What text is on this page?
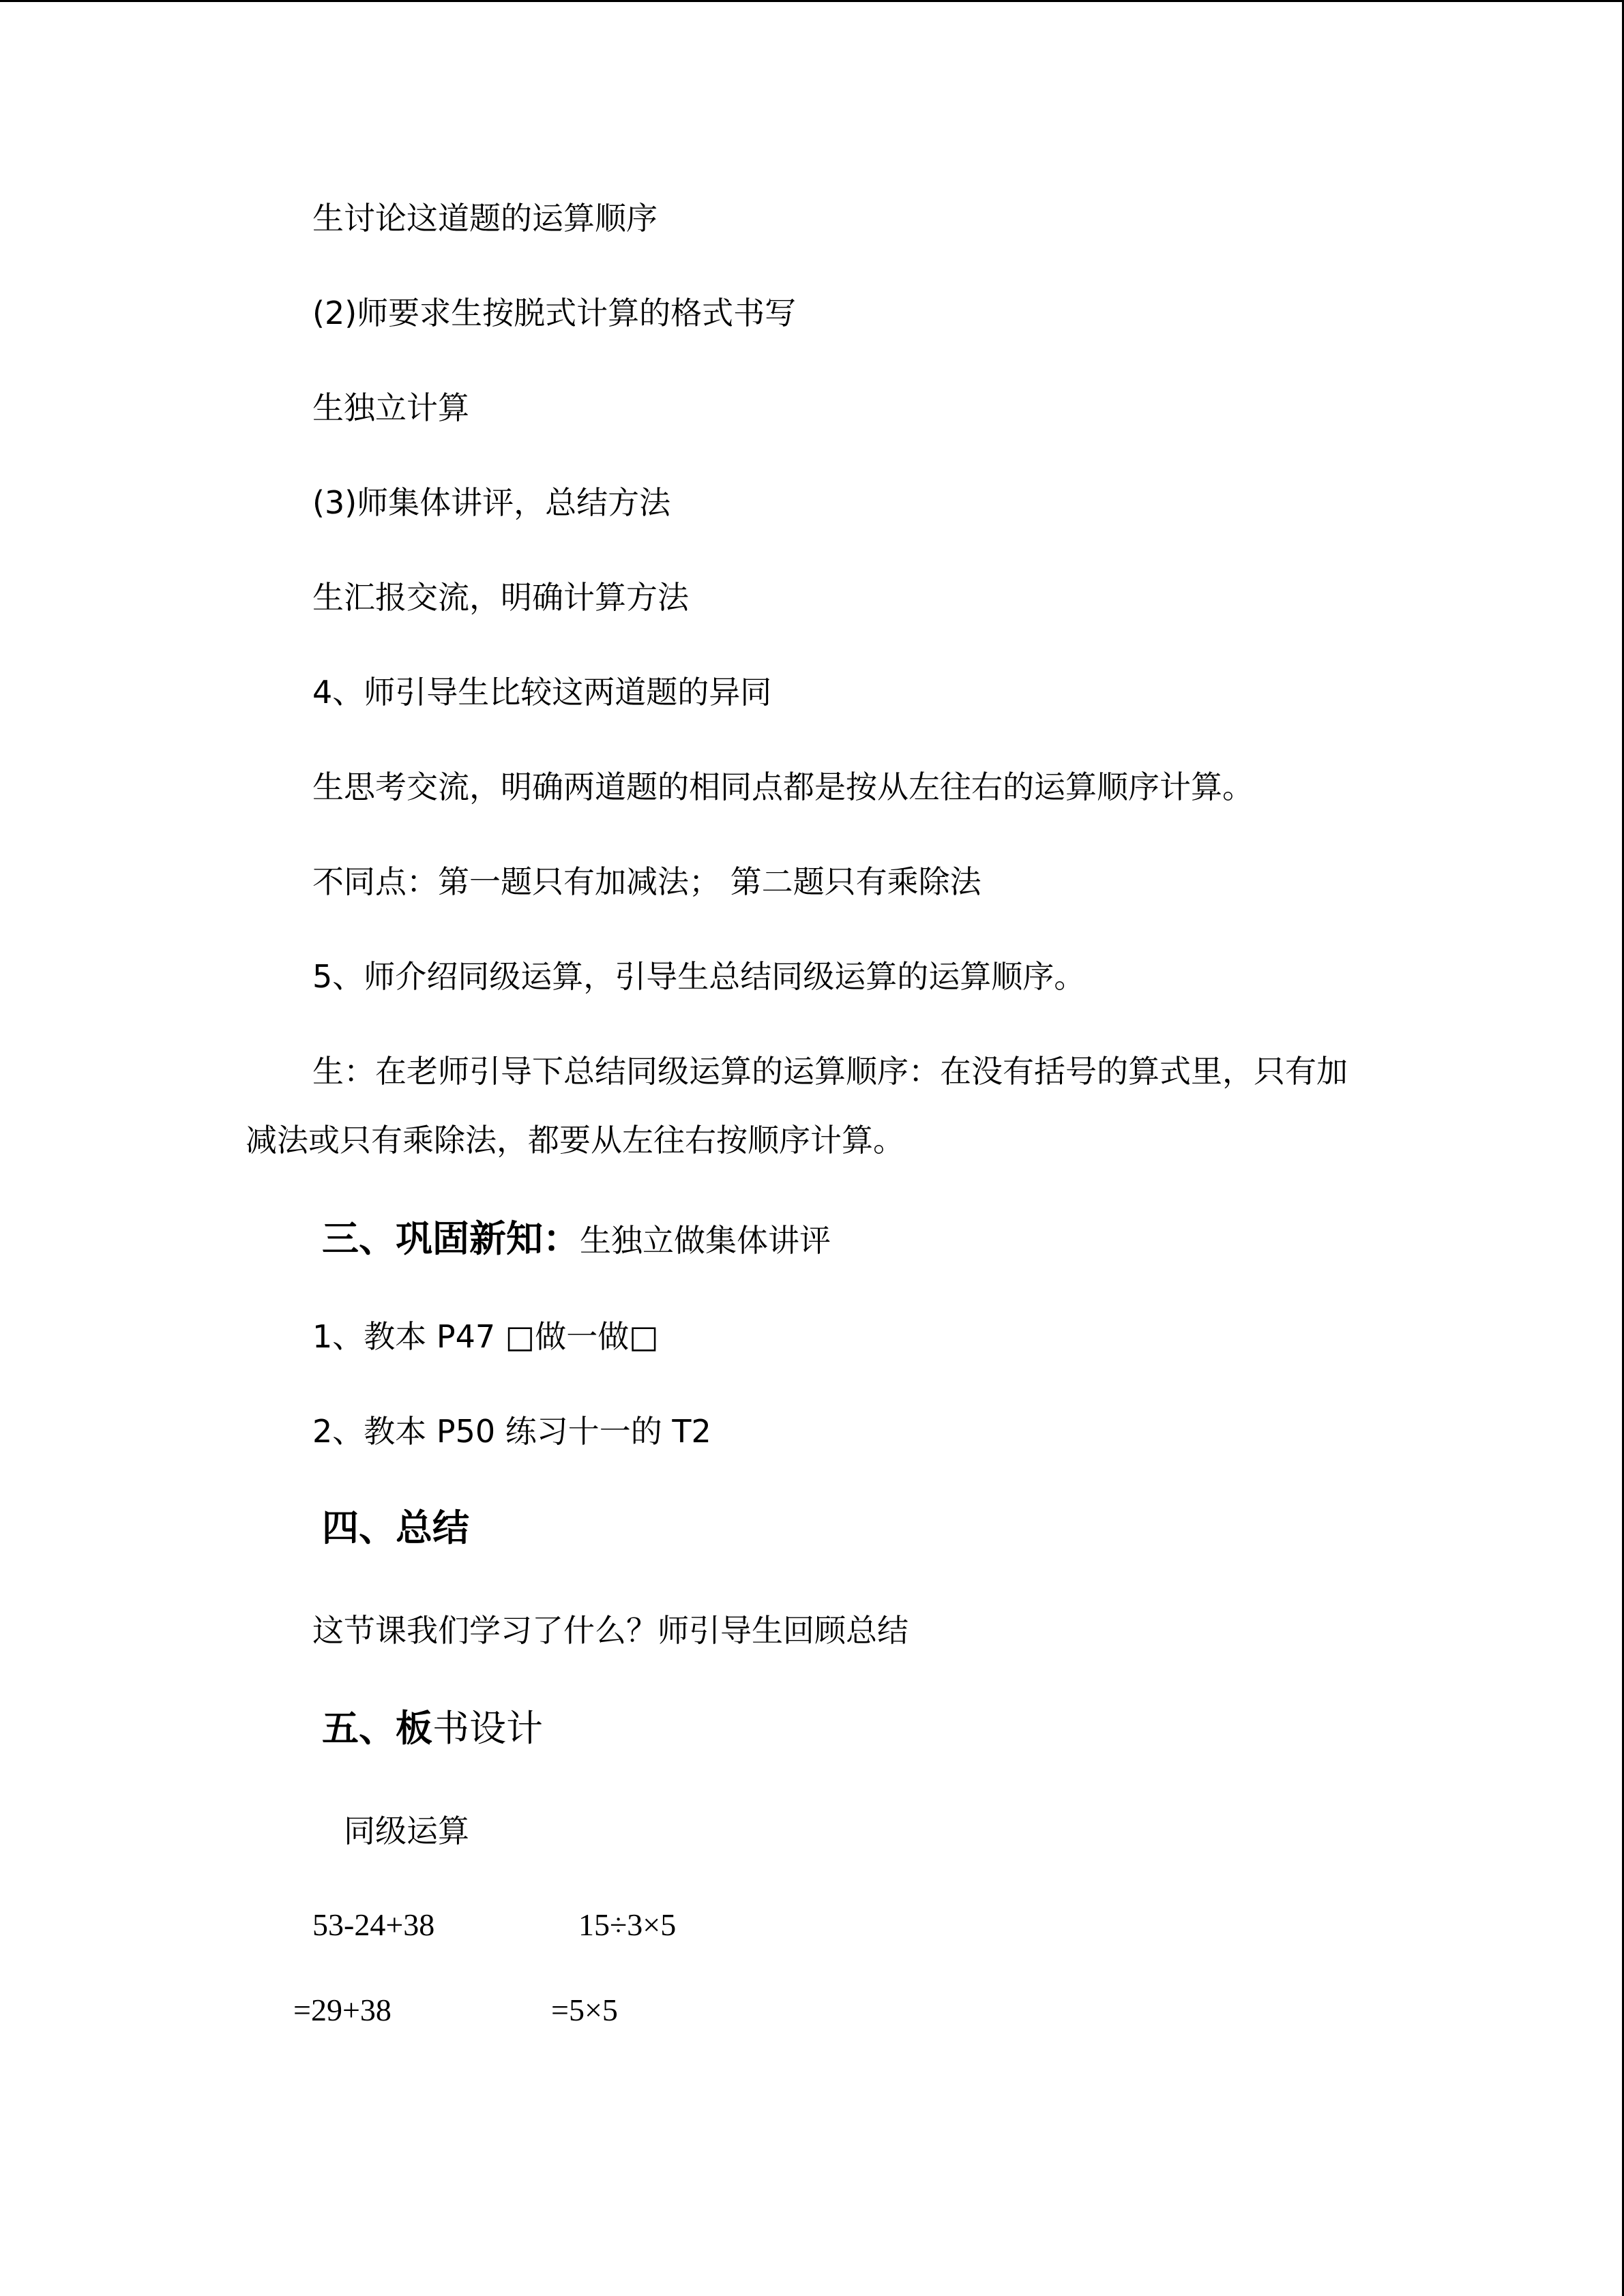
生讨论这道题的运算顺序
(2)师要求生按脱式计算的格式书写
生独立计算
(3)师集体讲评，总结方法
生汇报交流，明确计算方法
4、师引导生比较这两道题的异同
生思考交流，明确两道题的相同点都是按从左往右的运算顺序计算。
不同点：第一题只有加减法； 第二题只有乘除法
5、师介绍同级运算，引导生总结同级运算的运算顺序。
生：在老师引导下总结同级运算的运算顺序：在没有括号的算式里，只有加
减法或只有乘除法，都要从左往右按顺序计算。
三、巩固新知：生独立做集体讲评
1、教本 P47 □做一做□
2、教本 P50 练习十一的 T2
四、总结
这节课我们学习了什么？师引导生回顾总结
五、板书设计
同级运算
53-24+38	15÷3×5
=29+38	=5×5
